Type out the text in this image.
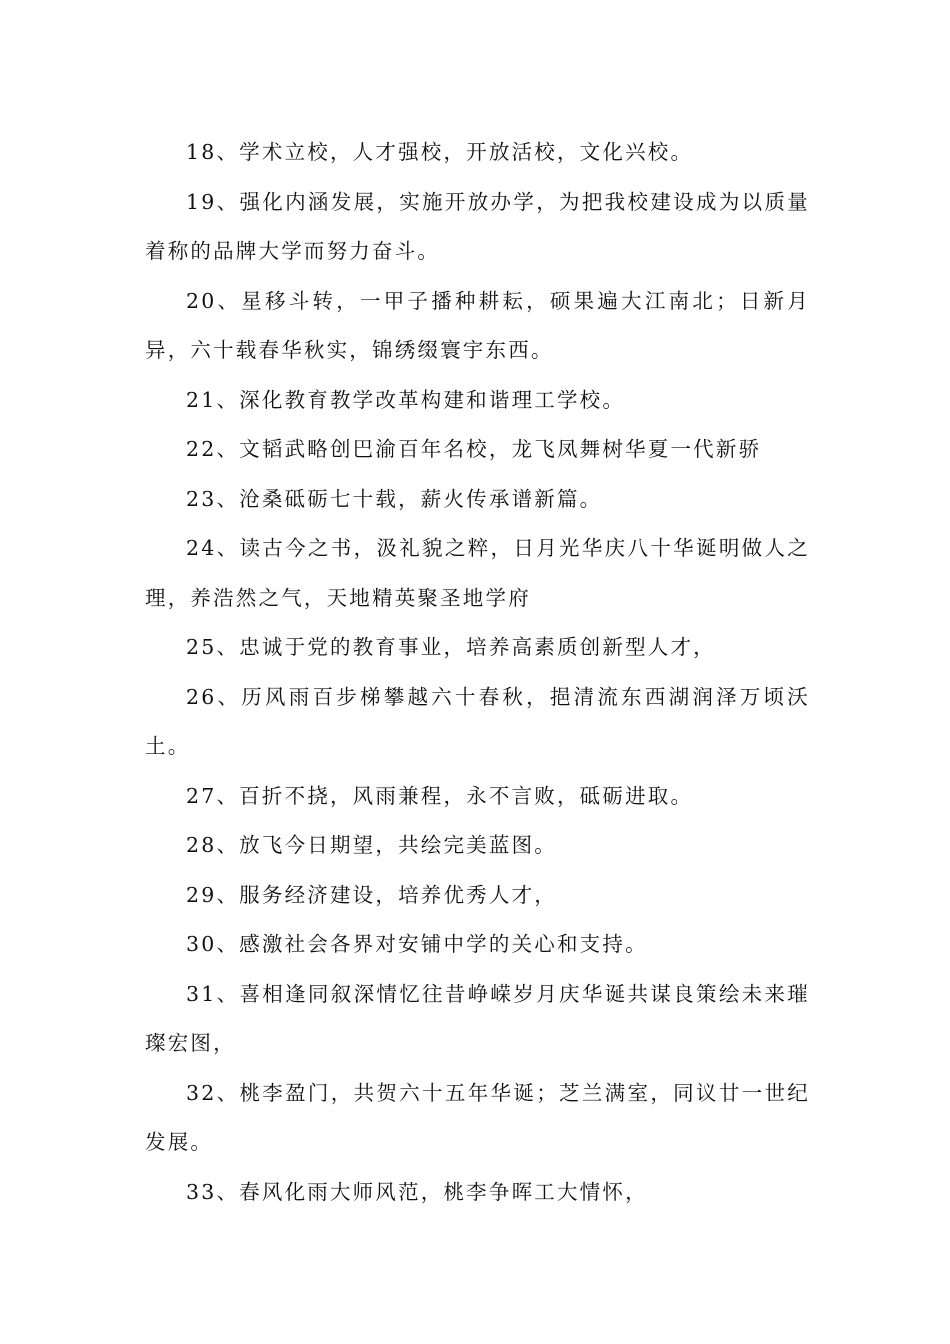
18、学术立校，人才强校，开放活校，文化兴校。

19、强化内涵发展，实施开放办学，为把我校建设成为以质量着称的品牌大学而努力奋斗。

20、星移斗转，一甲子播种耕耘，硕果遍大江南北；日新月异，六十载春华秋实，锦绣缀寰宇东西。

21、深化教育教学改革构建和谐理工学校。

22、文韬武略创巴渝百年名校，龙飞凤舞树华夏一代新骄

23、沧桑砥砺七十载，薪火传承谱新篇。

24、读古今之书，汲礼貌之粹，日月光华庆八十华诞明做人之理，养浩然之气，天地精英聚圣地学府

25、忠诚于党的教育事业，培养高素质创新型人才，

26、历风雨百步梯攀越六十春秋，挹清流东西湖润泽万顷沃土。

27、百折不挠，风雨兼程，永不言败，砥砺进取。

28、放飞今日期望，共绘完美蓝图。

29、服务经济建设，培养优秀人才，

30、感激社会各界对安铺中学的关心和支持。

31、喜相逢同叙深情忆往昔峥嵘岁月庆华诞共谋良策绘未来璀璨宏图，

32、桃李盈门，共贺六十五年华诞；芝兰满室，同议廿一世纪发展。

33、春风化雨大师风范，桃李争晖工大情怀，
